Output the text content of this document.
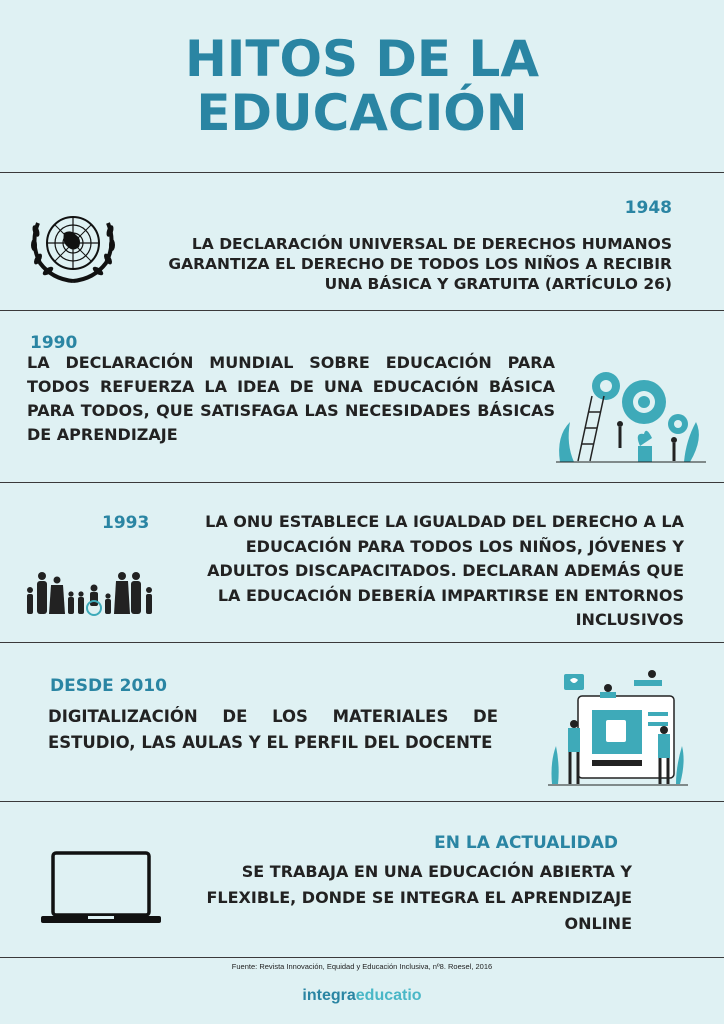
HITOS DE LA
EDUCACIÓN
1948
LA DECLARACIÓN UNIVERSAL DE DERECHOS HUMANOS GARANTIZA EL DERECHO DE TODOS LOS NIÑOS A RECIBIR UNA BÁSICA Y GRATUITA (ARTÍCULO 26)
1990
LA DECLARACIÓN MUNDIAL SOBRE EDUCACIÓN PARA TODOS REFUERZA LA IDEA DE UNA EDUCACIÓN BÁSICA PARA TODOS, QUE SATISFAGA LAS NECESIDADES BÁSICAS DE APRENDIZAJE
1993	LA ONU ESTABLECE LA IGUALDAD DEL DERECHO A LA EDUCACIÓN PARA TODOS LOS NIÑOS, JÓVENES Y ADULTOS DISCAPACITADOS. DECLARAN ADEMÁS QUE LA EDUCACIÓN DEBERÍA IMPARTIRSE EN ENTORNOS INCLUSIVOS
DESDE 2010
DIGITALIZACIÓN DE LOS MATERIALES DE ESTUDIO, LAS AULAS Y EL PERFIL DEL DOCENTE
EN LA ACTUALIDAD
SE TRABAJA EN UNA EDUCACIÓN ABIERTA Y FLEXIBLE, DONDE SE INTEGRA EL APRENDIZAJE ONLINE
Fuente: Revista Innovación, Equidad y Educación Inclusiva, nº8. Roesel, 2016
integraeducatio
